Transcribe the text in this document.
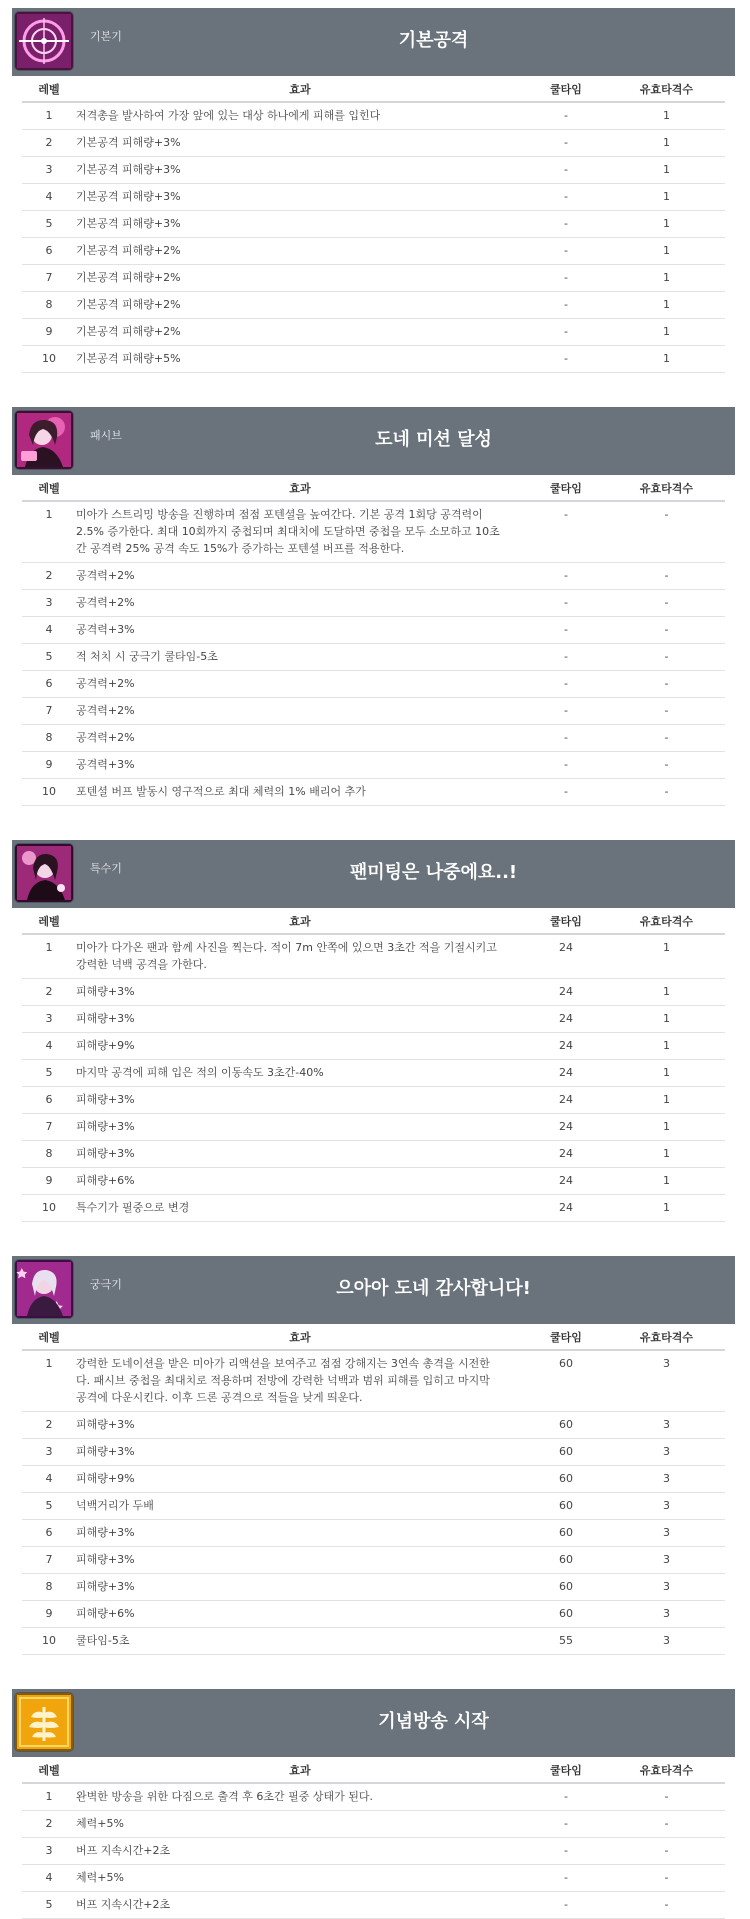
기본기	기본공격
레벨	효과	쿨타임	유효타격수
1	저격총을 발사하여 가장 앞에 있는 대상 하나에게 피해를 입힌다	-	1
2	기본공격 피해량+3%	-	1
3	기본공격 피해량+3%	-	1
4	기본공격 피해량+3%	-	1
5	기본공격 피해량+3%	-	1
6	기본공격 피해량+2%	-	1
7	기본공격 피해량+2%	-	1
8	기본공격 피해량+2%	-	1
9	기본공격 피해량+2%	-	1
10	기본공격 피해량+5%	-	1
패시브	도네 미션 달성
레벨	효과	쿨타임	유효타격수
1	미아가 스트리밍 방송을 진행하며 점점 포텐셜을 높여간다. 기본 공격 1회당 공격력이 2.5% 증가한다. 최대 10회까지 중첩되며 최대치에 도달하면 중첩을 모두 소모하고 10초간 공격력 25% 공격 속도 15%가 증가하는 포텐셜 버프를 적용한다.	-	-
2	공격력+2%	-	-
3	공격력+2%	-	-
4	공격력+3%	-	-
5	적 처치 시 궁극기 쿨타임-5초	-	-
6	공격력+2%	-	-
7	공격력+2%	-	-
8	공격력+2%	-	-
9	공격력+3%	-	-
10	포텐셜 버프 발동시 영구적으로 최대 체력의 1% 배리어 추가	-	-
특수기	팬미팅은 나중에요..!
레벨	효과	쿨타임	유효타격수
1	미아가 다가온 팬과 함께 사진을 찍는다. 적이 7m 안쪽에 있으면 3초간 적을 기절시키고 강력한 넉백 공격을 가한다.	24	1
2	피해량+3%	24	1
3	피해량+3%	24	1
4	피해량+9%	24	1
5	마지막 공격에 피해 입은 적의 이동속도 3초간-40%	24	1
6	피해량+3%	24	1
7	피해량+3%	24	1
8	피해량+3%	24	1
9	피해량+6%	24	1
10	특수기가 필중으로 변경	24	1
궁극기	으아아 도네 감사합니다!
레벨	효과	쿨타임	유효타격수
1	강력한 도네이션을 받은 미아가 리액션을 보여주고 점점 강해지는 3연속 총격을 시전한다. 패시브 중첩을 최대치로 적용하며 전방에 강력한 넉백과 범위 피해를 입히고 마지막 공격에 다운시킨다. 이후 드론 공격으로 적들을 낮게 띄운다.	60	3
2	피해량+3%	60	3
3	피해량+3%	60	3
4	피해량+9%	60	3
5	넉백거리가 두배	60	3
6	피해량+3%	60	3
7	피해량+3%	60	3
8	피해량+3%	60	3
9	피해량+6%	60	3
10	쿨타임-5초	55	3
기념방송 시작
레벨	효과	쿨타임	유효타격수
1	완벽한 방송을 위한 다짐으로 출격 후 6초간 필중 상태가 된다.	-	-
2	체력+5%	-	-
3	버프 지속시간+2초	-	-
4	체력+5%	-	-
5	버프 지속시간+2초	-	-
